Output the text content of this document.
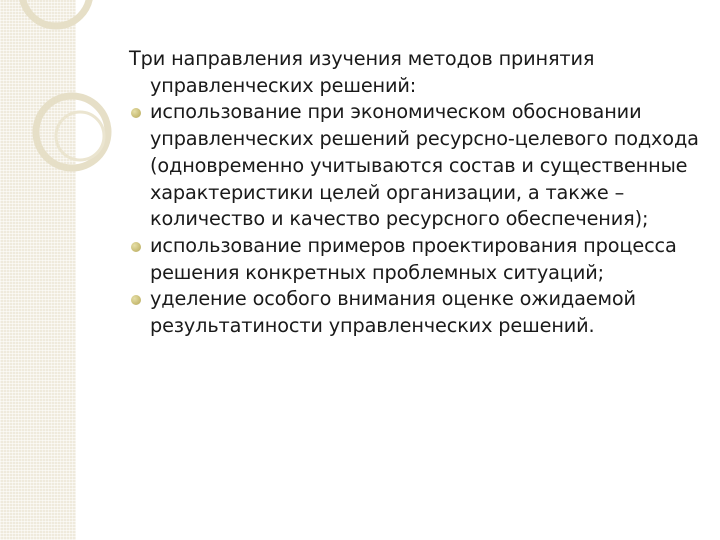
Три направления изучения методов принятия управленческих решений:
использование при экономическом обосновании управленческих решений ресурсно-целевого подхода (одновременно учитываются состав и существенные характеристики целей организации, а также – количество и качество ресурсного обеспечения);
использование примеров проектирования процесса решения конкретных проблемных ситуаций;
уделение особого внимания оценке ожидаемой результатиности управленческих решений.
